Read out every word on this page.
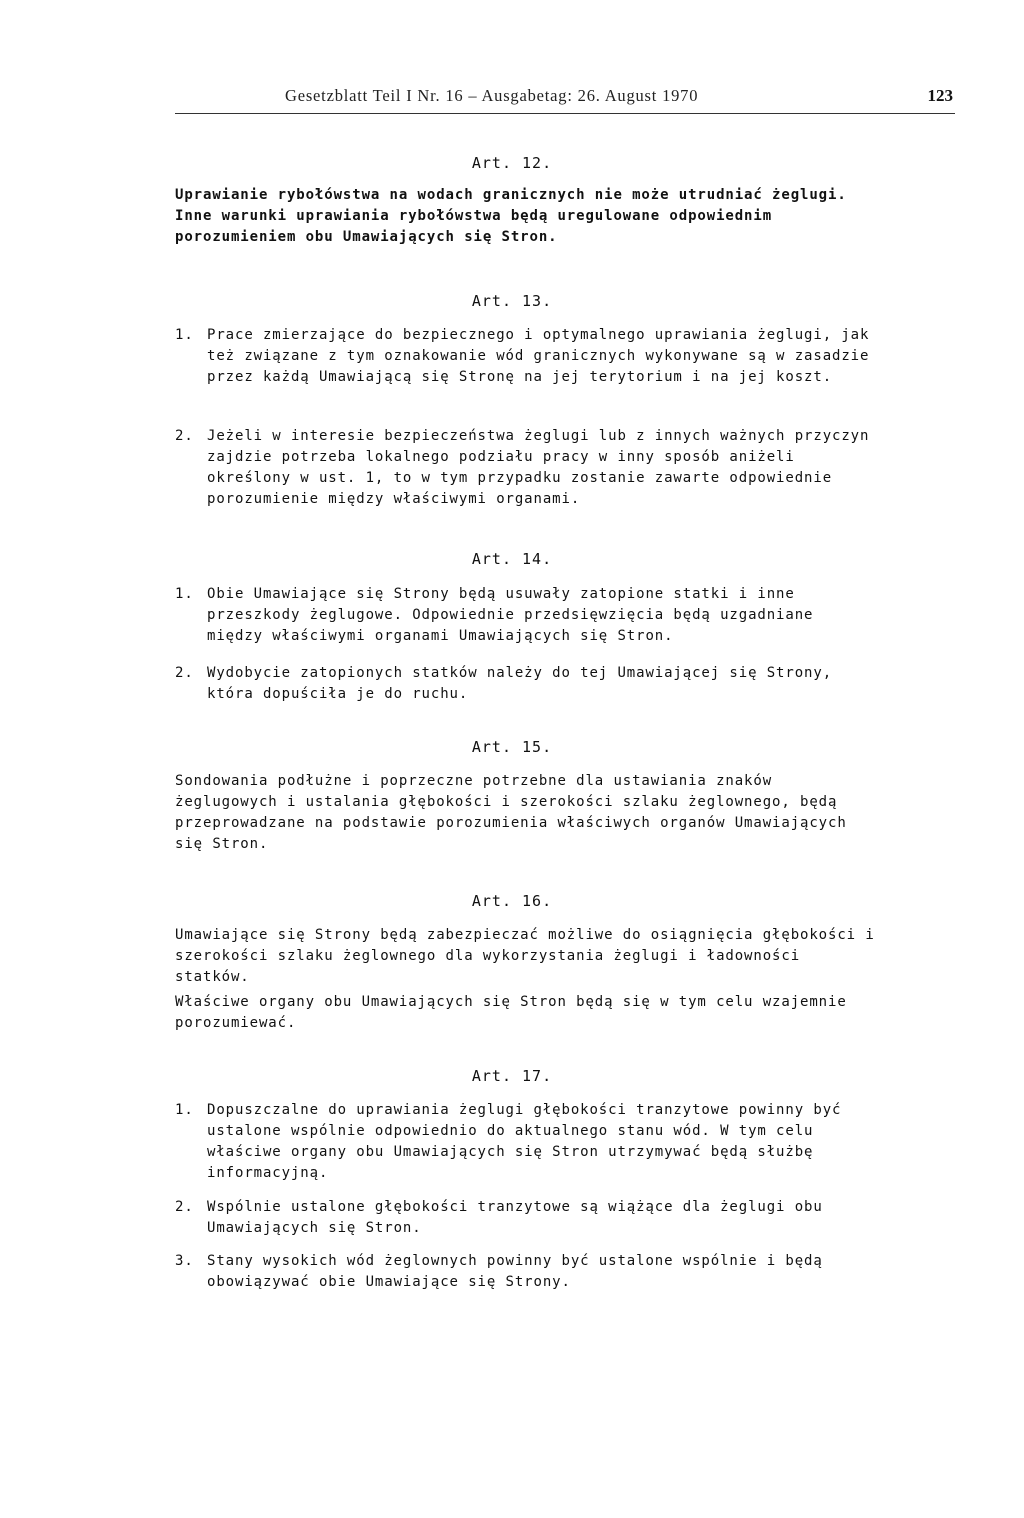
Gesetzblatt Teil I Nr. 16 – Ausgabetag: 26. August 1970	123
Art. 12.

Uprawianie rybołówstwa na wodach granicznych nie może utrudniać żeglugi. Inne warunki uprawiania rybołówstwa będą uregulowane odpowiednim porozumieniem obu Umawiających się Stron.

Art. 13.
1. Prace zmierzające do bezpiecznego i optymalnego uprawiania żeglugi, jak też związane z tym oznakowanie wód granicznych wykonywane są w zasadzie przez każdą Umawiającą się Stronę na jej terytorium i na jej koszt.

2. Jeżeli w interesie bezpieczeństwa żeglugi lub z innych ważnych przyczyn zajdzie potrzeba lokalnego podziału pracy w inny sposób aniżeli określony w ust. 1, to w tym przypadku zostanie zawarte odpowiednie porozumienie między właściwymi organami.

Art. 14.
1. Obie Umawiające się Strony będą usuwały zatopione statki i inne przeszkody żeglugowe. Odpowiednie przedsięwzięcia będą uzgadniane między właściwymi organami Umawiających się Stron.

2. Wydobycie zatopionych statków należy do tej Umawiającej się Strony, która dopuściła je do ruchu.

Art. 15.

Sondowania podłużne i poprzeczne potrzebne dla ustawiania znaków żeglugowych i ustalania głębokości i szerokości szlaku żeglownego, będą przeprowadzane na podstawie porozumienia właściwych organów Umawiających się Stron.

Art. 16.

Umawiające się Strony będą zabezpieczać możliwe do osiągnięcia głębokości i szerokości szlaku żeglownego dla wykorzystania żeglugi i ładowności statków.

Właściwe organy obu Umawiających się Stron będą się w tym celu wzajemnie porozumiewać.

Art. 17.
1. Dopuszczalne do uprawiania żeglugi głębokości tranzytowe powinny być ustalone wspólnie odpowiednio do aktualnego stanu wód. W tym celu właściwe organy obu Umawiających się Stron utrzymywać będą służbę informacyjną.

2. Wspólnie ustalone głębokości tranzytowe są wiążące dla żeglugi obu Umawiających się Stron.

3. Stany wysokich wód żeglownych powinny być ustalone wspólnie i będą obowiązywać obie Umawiające się Strony.
